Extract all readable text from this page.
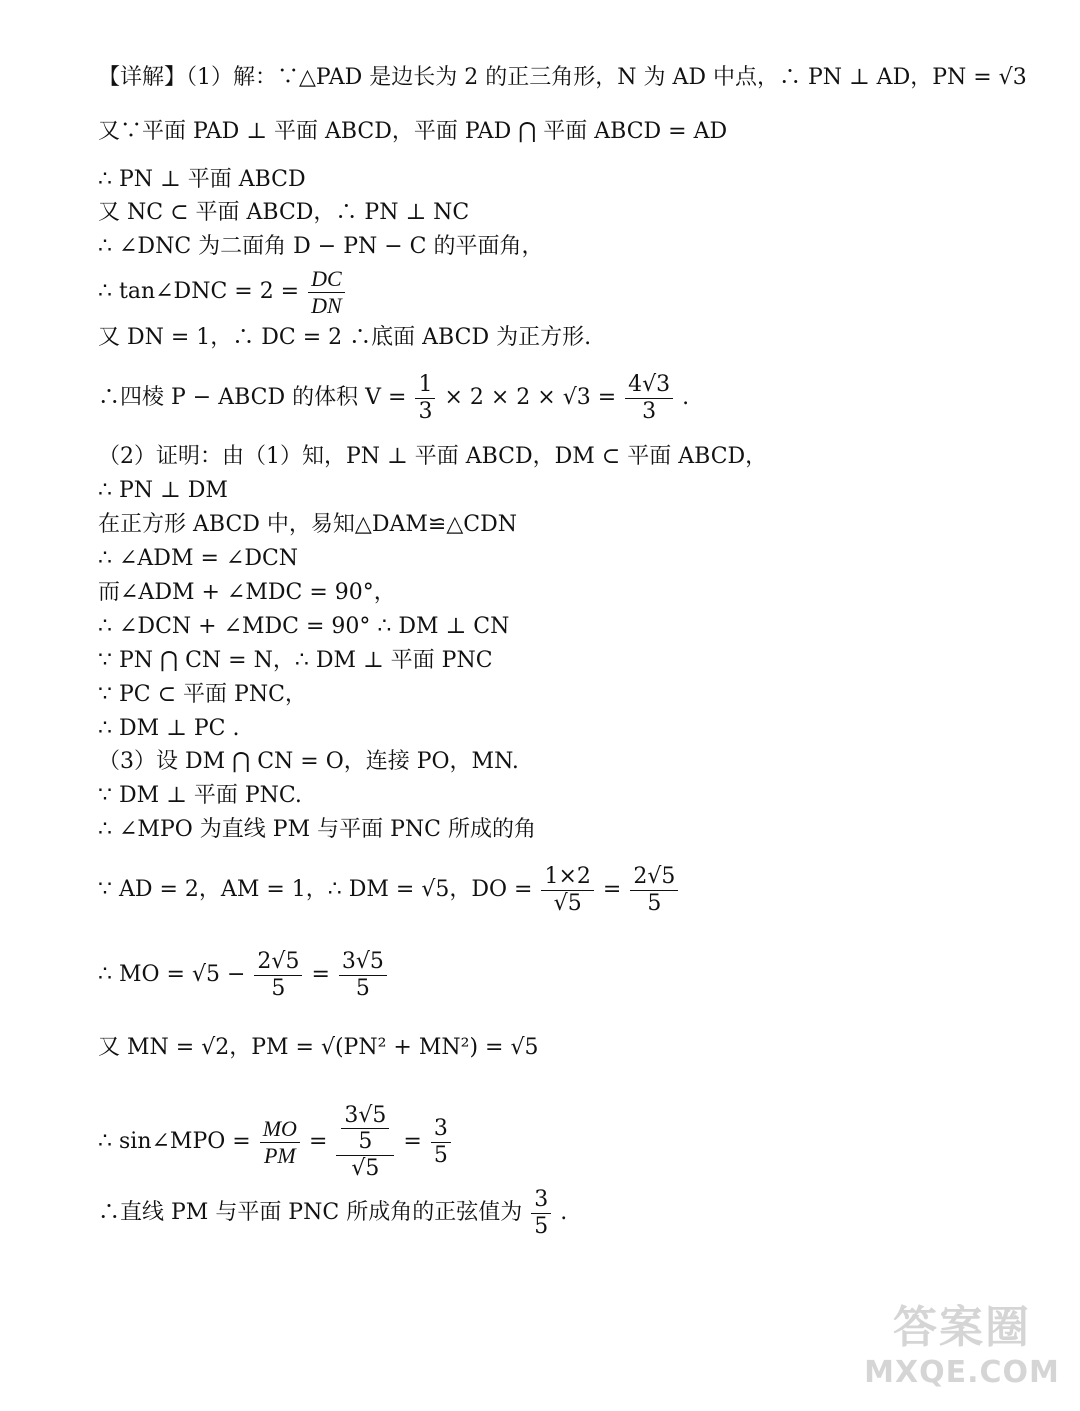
【详解】（1）解：∵△PAD 是边长为 2 的正三角形，N 为 AD 中点，∴ PN ⊥ AD，PN = √3
又∵平面 PAD ⊥ 平面 ABCD，平面 PAD ⋂ 平面 ABCD = AD
∴ PN ⊥ 平面 ABCD
又 NC ⊂ 平面 ABCD，∴ PN ⊥ NC
∴ ∠DNC 为二面角 D − PN − C 的平面角，
∴ tan∠DNC = $2 = \frac{DC}{DN}$
又 DN = 1，∴ DC = 2 ∴底面 ABCD 为正方形.
∴四棱 P − ABCD 的体积 $V = \frac{1}{3} \times 2 \times 2 \times √3 = \frac{4√3}{3}$ .
（2）证明：由（1）知，PN ⊥ 平面 ABCD，DM ⊂ 平面 ABCD，
∴ PN ⊥ DM
在正方形 ABCD 中，易知△DAM≌△CDN
∴ ∠ADM = ∠DCN
而∠ADM + ∠MDC = 90°，
∴ ∠DCN + ∠MDC = 90° ∴ DM ⊥ CN
∵ PN ⋂ CN = N，∴ DM ⊥ 平面 PNC
∵ PC ⊂ 平面 PNC，
∴ DM ⊥ PC .
（3）设 DM ⋂ CN = O，连接 PO，MN.
∵ DM ⊥ 平面 PNC.
∴ ∠MPO 为直线 PM 与平面 PNC 所成的角
∵ AD = 2，AM = 1，∴ DM = √5，DO = $\frac{1\times 2}{√5} = \frac{2√5}{5}$
∴ MO = $√5 - \frac{2√5}{5} = \frac{3√5}{5}$
又 MN = √2，PM = √(PN² + MN²) = √5
∴ sin∠MPO = $\frac{MO}{PM} = \frac{\frac{3√5}{5}}{√5} = \frac{3}{5}$
∴直线 PM 与平面 PNC 所成角的正弦值为 $\frac{3}{5}$ .
答案圈
MXQE.COM
